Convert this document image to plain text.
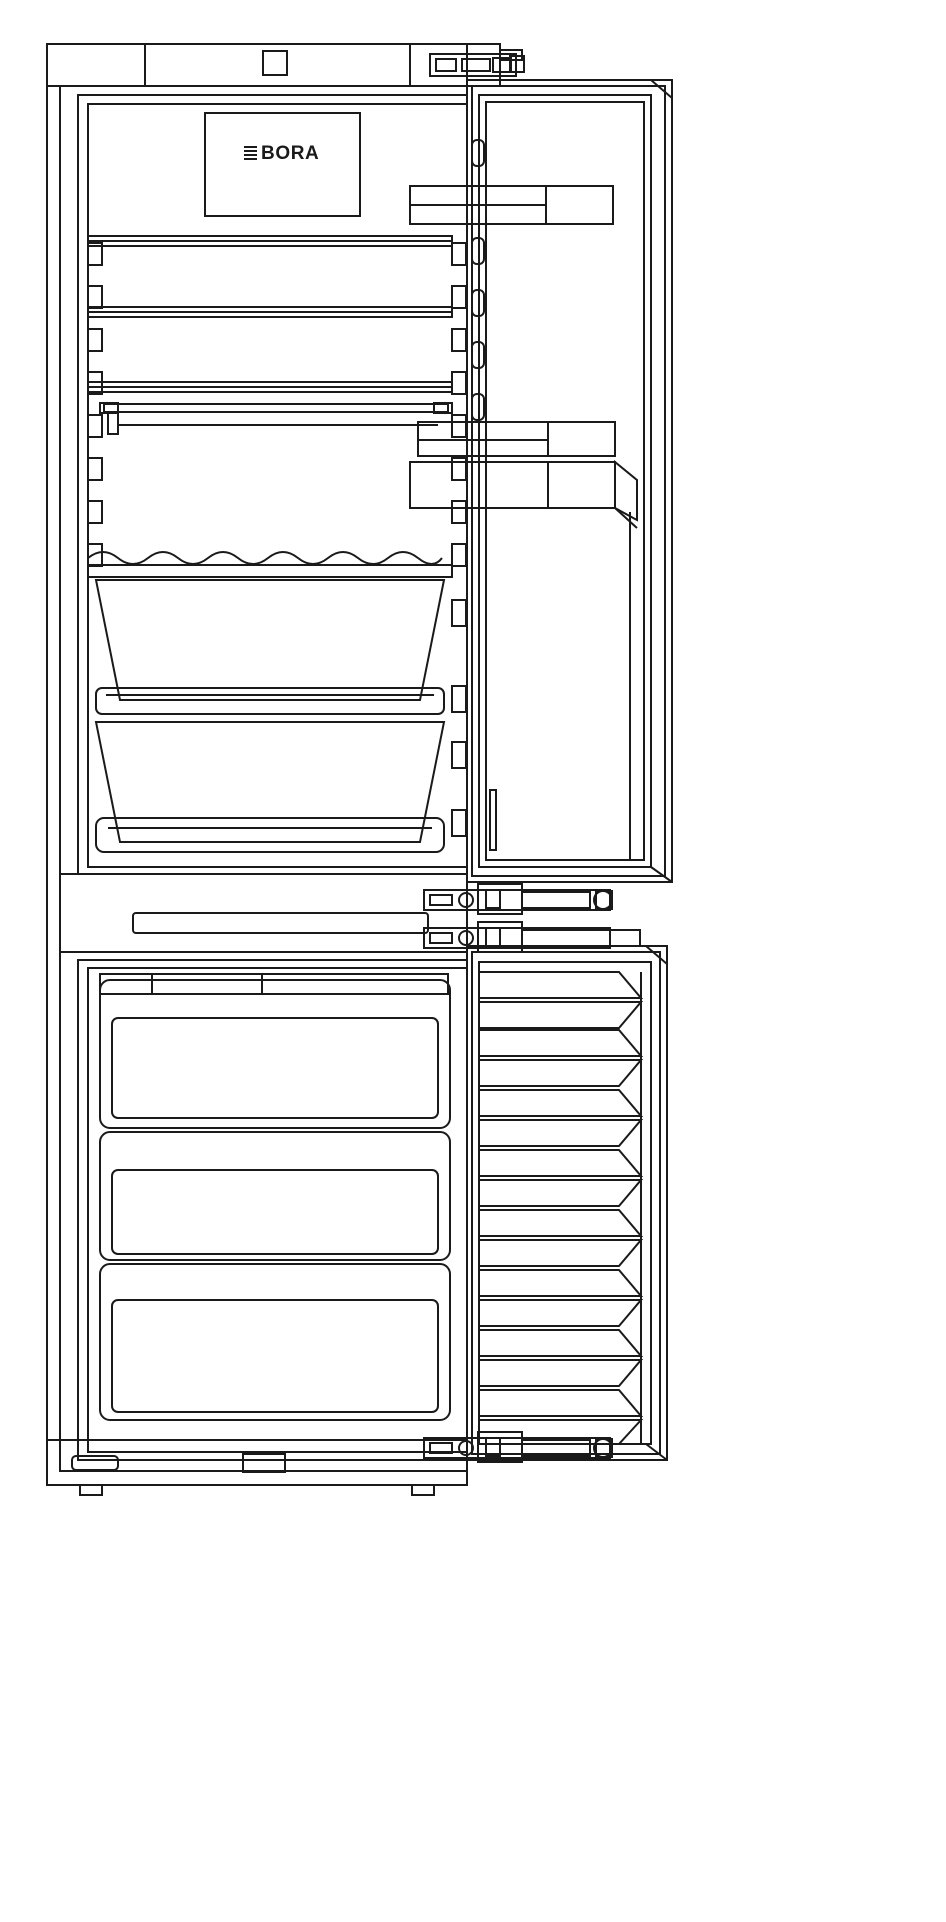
BORA
